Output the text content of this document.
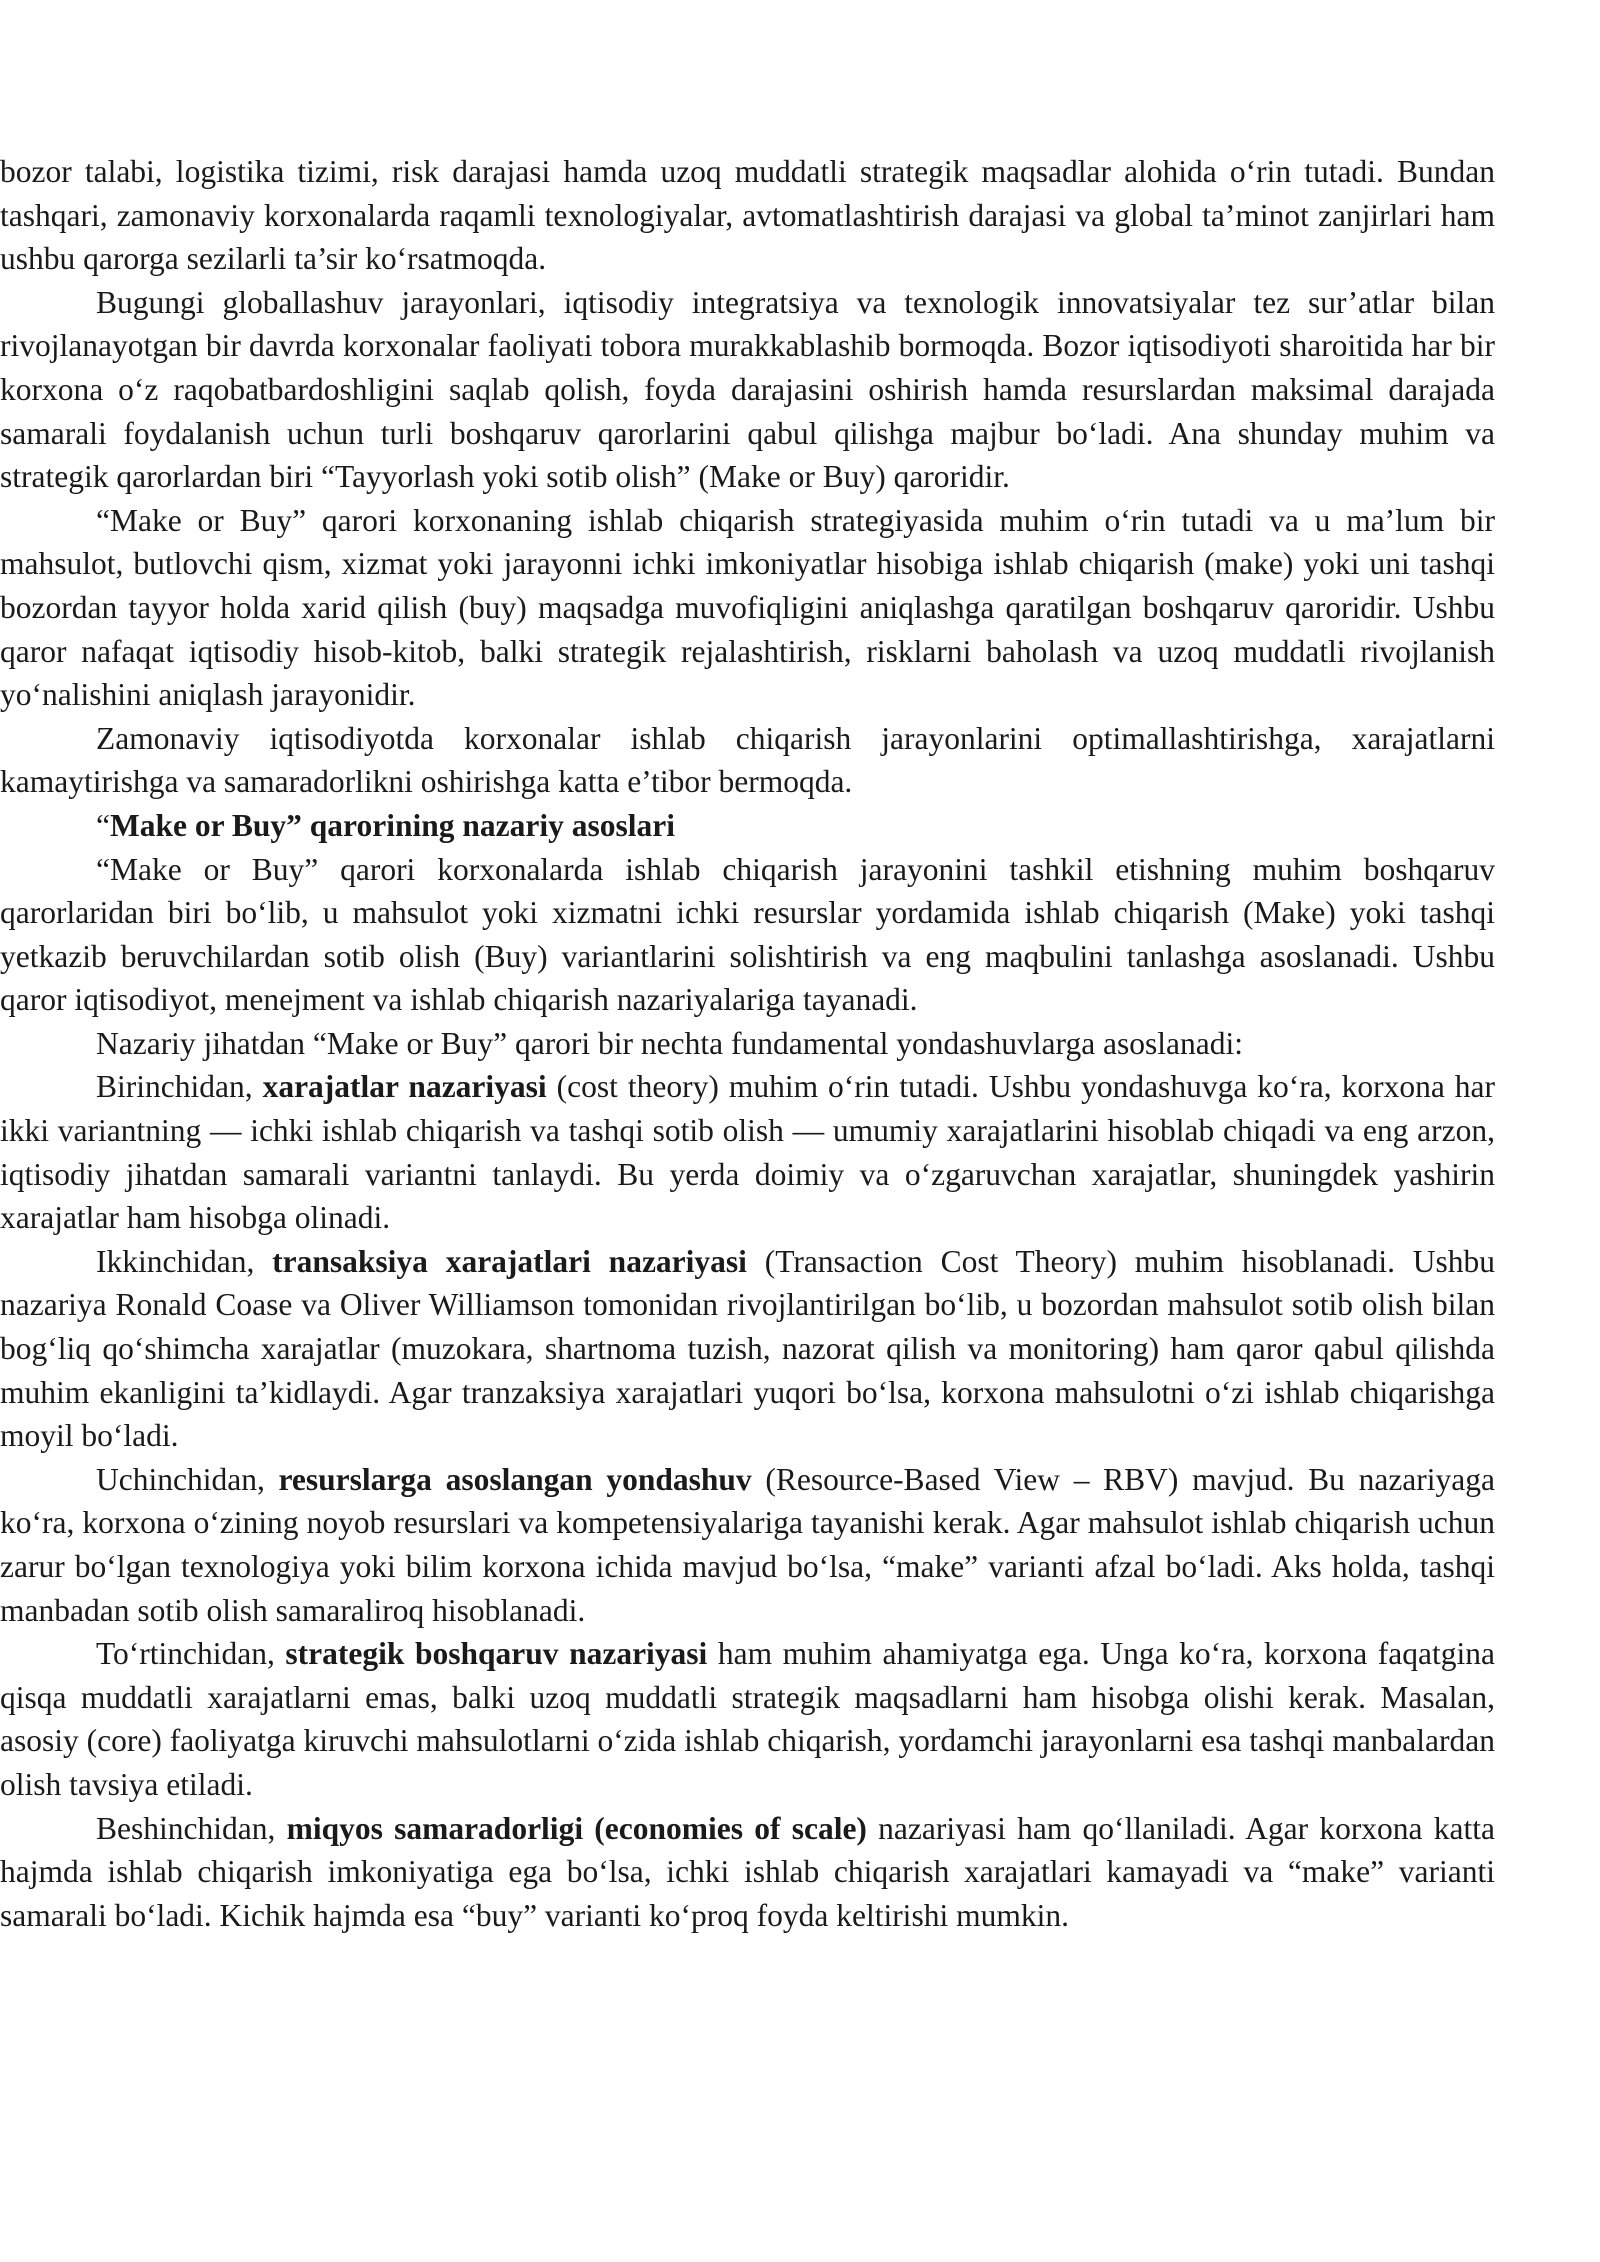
bozor talabi, logistika tizimi, risk darajasi hamda uzoq muddatli strategik maqsadlar alohida o‘rin tutadi. Bundan tashqari, zamonaviy korxonalarda raqamli texnologiyalar, avtomatlashtirish darajasi va global ta’minot zanjirlari ham ushbu qarorga sezilarli ta’sir ko‘rsatmoqda.

Bugungi globallashuv jarayonlari, iqtisodiy integratsiya va texnologik innovatsiyalar tez sur’atlar bilan rivojlanayotgan bir davrda korxonalar faoliyati tobora murakkablashib bormoqda. Bozor iqtisodiyoti sharoitida har bir korxona o‘z raqobatbardoshligini saqlab qolish, foyda darajasini oshirish hamda resurslardan maksimal darajada samarali foydalanish uchun turli boshqaruv qarorlarini qabul qilishga majbur bo‘ladi. Ana shunday muhim va strategik qarorlardan biri “Tayyorlash yoki sotib olish” (Make or Buy) qaroridir.

“Make or Buy” qarori korxonaning ishlab chiqarish strategiyasida muhim o‘rin tutadi va u ma’lum bir mahsulot, butlovchi qism, xizmat yoki jarayonni ichki imkoniyatlar hisobiga ishlab chiqarish (make) yoki uni tashqi bozordan tayyor holda xarid qilish (buy) maqsadga muvofiqligini aniqlashga qaratilgan boshqaruv qaroridir. Ushbu qaror nafaqat iqtisodiy hisob-kitob, balki strategik rejalashtirish, risklarni baholash va uzoq muddatli rivojlanish yo‘nalishini aniqlash jarayonidir.

Zamonaviy iqtisodiyotda korxonalar ishlab chiqarish jarayonlarini optimallashtirishga, xarajatlarni kamaytirishga va samaradorlikni oshirishga katta e’tibor bermoqda.

“Make or Buy” qarorining nazariy asoslari

“Make or Buy” qarori korxonalarda ishlab chiqarish jarayonini tashkil etishning muhim boshqaruv qarorlaridan biri bo‘lib, u mahsulot yoki xizmatni ichki resurslar yordamida ishlab chiqarish (Make) yoki tashqi yetkazib beruvchilardan sotib olish (Buy) variantlarini solishtirish va eng maqbulini tanlashga asoslanadi. Ushbu qaror iqtisodiyot, menejment va ishlab chiqarish nazariyalariga tayanadi.

Nazariy jihatdan “Make or Buy” qarori bir nechta fundamental yondashuvlarga asoslanadi:

Birinchidan, xarajatlar nazariyasi (cost theory) muhim o‘rin tutadi. Ushbu yondashuvga ko‘ra, korxona har ikki variantning — ichki ishlab chiqarish va tashqi sotib olish — umumiy xarajatlarini hisoblab chiqadi va eng arzon, iqtisodiy jihatdan samarali variantni tanlaydi. Bu yerda doimiy va o‘zgaruvchan xarajatlar, shuningdek yashirin xarajatlar ham hisobga olinadi.

Ikkinchidan, transaksiya xarajatlari nazariyasi (Transaction Cost Theory) muhim hisoblanadi. Ushbu nazariya Ronald Coase va Oliver Williamson tomonidan rivojlantirilgan bo‘lib, u bozordan mahsulot sotib olish bilan bog‘liq qo‘shimcha xarajatlar (muzokara, shartnoma tuzish, nazorat qilish va monitoring) ham qaror qabul qilishda muhim ekanligini ta’kidlaydi. Agar tranzaksiya xarajatlari yuqori bo‘lsa, korxona mahsulotni o‘zi ishlab chiqarishga moyil bo‘ladi.

Uchinchidan, resurslarga asoslangan yondashuv (Resource-Based View – RBV) mavjud. Bu nazariyaga ko‘ra, korxona o‘zining noyob resurslari va kompetensiyalariga tayanishi kerak. Agar mahsulot ishlab chiqarish uchun zarur bo‘lgan texnologiya yoki bilim korxona ichida mavjud bo‘lsa, “make” varianti afzal bo‘ladi. Aks holda, tashqi manbadan sotib olish samaraliroq hisoblanadi.

To‘rtinchidan, strategik boshqaruv nazariyasi ham muhim ahamiyatga ega. Unga ko‘ra, korxona faqatgina qisqa muddatli xarajatlarni emas, balki uzoq muddatli strategik maqsadlarni ham hisobga olishi kerak. Masalan, asosiy (core) faoliyatga kiruvchi mahsulotlarni o‘zida ishlab chiqarish, yordamchi jarayonlarni esa tashqi manbalardan olish tavsiya etiladi.

Beshinchidan, miqyos samaradorligi (economies of scale) nazariyasi ham qo‘llaniladi. Agar korxona katta hajmda ishlab chiqarish imkoniyatiga ega bo‘lsa, ichki ishlab chiqarish xarajatlari kamayadi va “make” varianti samarali bo‘ladi. Kichik hajmda esa “buy” varianti ko‘proq foyda keltirishi mumkin.
